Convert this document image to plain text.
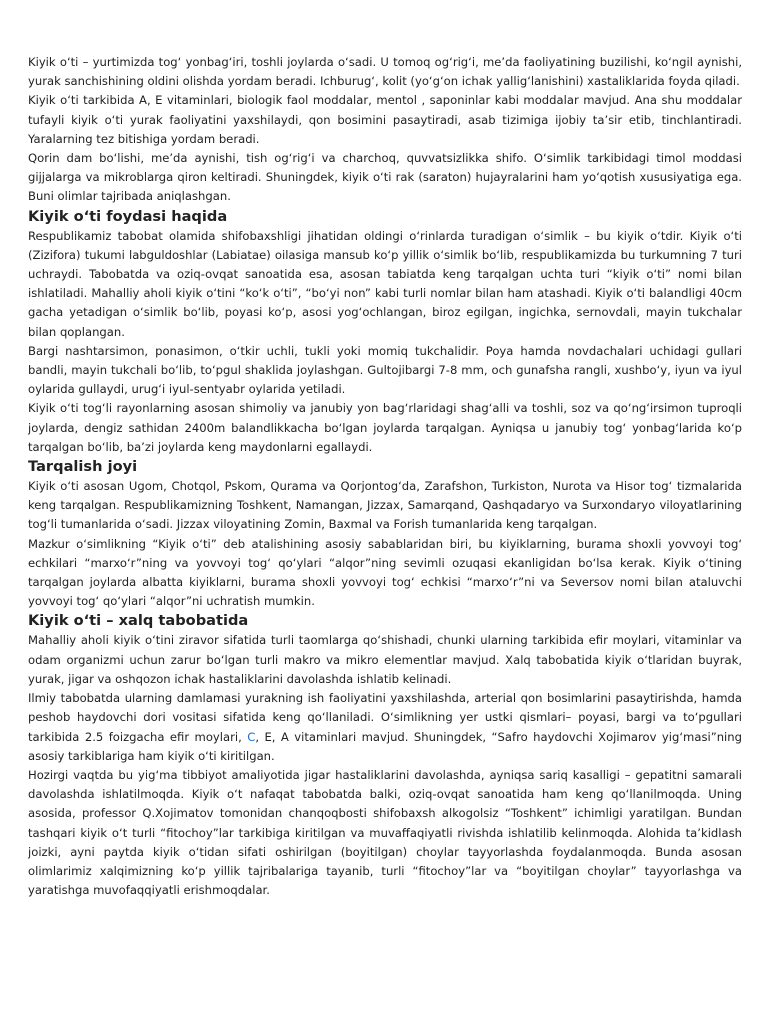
Kiyik o‘ti – yurtimizda tog‘ yonbag‘iri, toshli joylarda o‘sadi. U tomoq og‘rig‘i, me’da faoliyatining buzilishi, ko‘ngil aynishi, yurak sanchishining oldini olishda yordam beradi. Ichburug‘, kolit (yo‘g‘on ichak yallig‘lanishini) xastaliklarida foyda qiladi.

Kiyik o‘ti tarkibida A, E vitaminlari, biologik faol moddalar, mentol , saponinlar kabi moddalar mavjud. Ana shu moddalar tufayli kiyik o‘ti yurak faoliyatini yaxshilaydi, qon bosimini pasaytiradi, asab tizimiga ijobiy ta’sir etib, tinchlantiradi. Yaralarning tez bitishiga yordam beradi.

Qorin dam bo‘lishi, me’da aynishi, tish og‘rig‘i va charchoq, quvvatsizlikka shifo. O‘simlik tarkibidagi timol moddasi gijjalarga va mikroblarga qiron keltiradi. Shuningdek, kiyik o‘ti rak (saraton) hujayralarini ham yo‘qotish xususiyatiga ega. Buni olimlar tajribada aniqlashgan.

Kiyik o‘ti foydasi haqida

Respublikamiz tabobat olamida shifobaxshligi jihatidan oldingi o‘rinlarda turadigan o‘simlik – bu kiyik o‘tdir. Kiyik o‘ti (Zizifora) tukumi labguldoshlar (Labiatae) oilasiga mansub ko‘p yillik o‘simlik bo‘lib, respublikamizda bu turkumning 7 turi uchraydi. Tabobatda va oziq-ovqat sanoatida esa, asosan tabiatda keng tarqalgan uchta turi “kiyik o‘ti” nomi bilan ishlatiladi. Mahalliy aholi kiyik o‘tini “ko‘k o‘ti”, “bo‘yi non” kabi turli nomlar bilan ham atashadi. Kiyik o‘ti balandligi 40cm gacha yetadigan o‘simlik bo‘lib, poyasi ko‘p, asosi yog‘ochlangan, biroz egilgan, ingichka, sernovdali, mayin tukchalar bilan qoplangan.

Bargi nashtarsimon, ponasimon, o‘tkir uchli, tukli yoki momiq tukchalidir. Poya hamda novdachalari uchidagi gullari bandli, mayin tukchali bo‘lib, to‘pgul shaklida joylashgan. Gultojibargi 7-8 mm, och gunafsha rangli, xushbo‘y, iyun va iyul oylarida gullaydi, urug‘i iyul-sentyabr oylarida yetiladi.

Kiyik o‘ti tog‘li rayonlarning asosan shimoliy va janubiy yon bag‘rlaridagi shag‘alli va toshli, soz va qo‘ng‘irsimon tuproqli joylarda, dengiz sathidan 2400m balandlikkacha bo‘lgan joylarda tarqalgan. Ayniqsa u janubiy tog‘ yonbag‘larida ko‘p tarqalgan bo‘lib, ba’zi joylarda keng maydonlarni egallaydi.

Tarqalish joyi

Kiyik o‘ti asosan Ugom, Chotqol, Pskom, Qurama va Qorjontog‘da, Zarafshon, Turkiston, Nurota va Hisor tog‘ tizmalarida keng tarqalgan. Respublikamizning Toshkent, Namangan, Jizzax, Samarqand, Qashqadaryo va Surxondaryo viloyatlarining tog‘li tumanlarida o‘sadi. Jizzax viloyatining Zomin, Baxmal va Forish tumanlarida keng tarqalgan.

Mazkur o‘simlikning “Kiyik o‘ti” deb atalishining asosiy sabablaridan biri, bu kiyiklarning, burama shoxli yovvoyi tog‘ echkilari “marxo‘r”ning va yovvoyi tog‘ qo‘ylari “alqor”ning sevimli ozuqasi ekanligidan bo‘lsa kerak. Kiyik o‘tining tarqalgan joylarda albatta kiyiklarni, burama shoxli yovvoyi tog‘ echkisi “marxo‘r”ni va Seversov nomi bilan ataluvchi yovvoyi tog‘ qo‘ylari “alqor”ni uchratish mumkin.

Kiyik o‘ti – xalq tabobatida

Mahalliy aholi kiyik o‘tini ziravor sifatida turli taomlarga qo‘shishadi, chunki ularning tarkibida efir moylari, vitaminlar va odam organizmi uchun zarur bo‘lgan turli makro va mikro elementlar mavjud. Xalq tabobatida kiyik o‘tlaridan buyrak, yurak, jigar va oshqozon ichak hastaliklarini davolashda ishlatib kelinadi.

Ilmiy tabobatda ularning damlamasi yurakning ish faoliyatini yaxshilashda, arterial qon bosimlarini pasaytirishda, hamda peshob haydovchi dori vositasi sifatida keng qo‘llaniladi. O‘simlikning yer ustki qismlari– poyasi, bargi va to‘pgullari tarkibida 2.5 foizgacha efir moylari, C, E, A vitaminlari mavjud. Shuningdek, “Safro haydovchi Xojimarov yig‘masi”ning asosiy tarkiblariga ham kiyik o‘ti kiritilgan.

Hozirgi vaqtda bu yig‘ma tibbiyot amaliyotida jigar hastaliklarini davolashda, ayniqsa sariq kasalligi – gepatitni samarali davolashda ishlatilmoqda. Kiyik o‘t nafaqat tabobatda balki, oziq-ovqat sanoatida ham keng qo‘llanilmoqda. Uning asosida, professor Q.Xojimatov tomonidan chanqoqbosti shifobaxsh alkogolsiz “Toshkent” ichimligi yaratilgan. Bundan tashqari kiyik o‘t turli “fitochoy”lar tarkibiga kiritilgan va muvaffaqiyatli rivishda ishlatilib kelinmoqda. Alohida ta’kidlash joizki, ayni paytda kiyik o‘tidan sifati oshirilgan (boyitilgan) choylar tayyorlashda foydalanmoqda. Bunda asosan olimlarimiz xalqimizning ko‘p yillik tajribalariga tayanib, turli “fitochoy”lar va “boyitilgan choylar” tayyorlashga va yaratishga muvofaqqiyatli erishmoqdalar.
